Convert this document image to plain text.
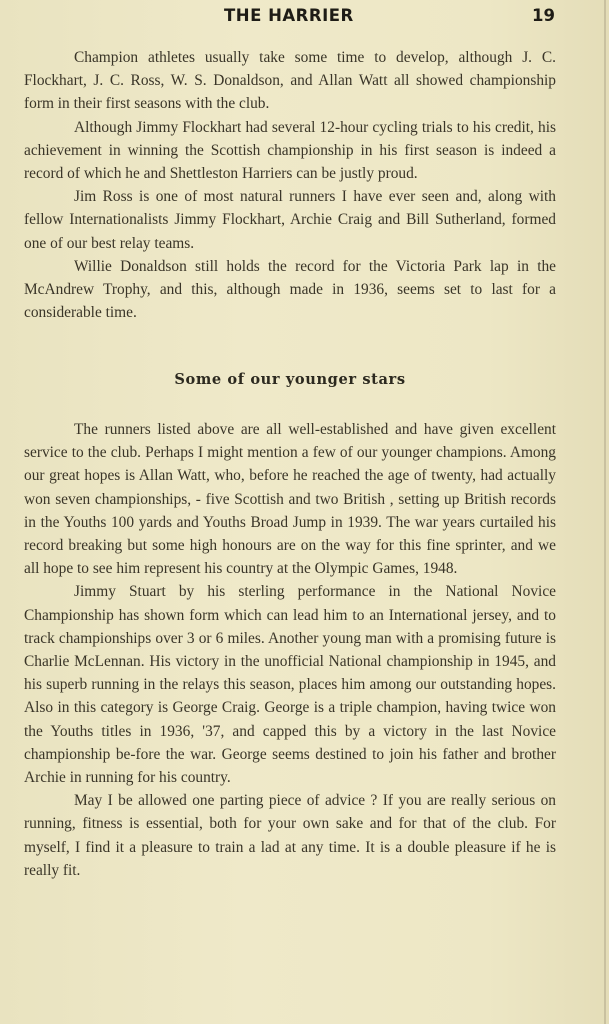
THE HARRIER	19

Champion athletes usually take some time to develop, although J. C. Flockhart, J. C. Ross, W. S. Donaldson, and Allan Watt all showed championship form in their first seasons with the club.

Although Jimmy Flockhart had several 12-hour cycling trials to his credit, his achievement in winning the Scottish championship in his first season is indeed a record of which he and Shettleston Harriers can be justly proud.

Jim Ross is one of most natural runners I have ever seen and, along with fellow Internationalists Jimmy Flockhart, Archie Craig and Bill Sutherland, formed one of our best relay teams.

Willie Donaldson still holds the record for the Victoria Park lap in the McAndrew Trophy, and this, although made in 1936, seems set to last for a considerable time.

Some of our younger stars

The runners listed above are all well-established and have given excellent service to the club. Perhaps I might mention a few of our younger champions. Among our great hopes is Allan Watt, who, before he reached the age of twenty, had actually won seven championships, - five Scottish and two British , setting up British records in the Youths 100 yards and Youths Broad Jump in 1939. The war years curtailed his record breaking but some high honours are on the way for this fine sprinter, and we all hope to see him represent his country at the Olympic Games, 1948.

Jimmy Stuart by his sterling performance in the National Novice Championship has shown form which can lead him to an International jersey, and to track championships over 3 or 6 miles. Another young man with a promising future is Charlie McLennan. His victory in the unofficial National championship in 1945, and his superb running in the relays this season, places him among our outstanding hopes. Also in this category is George Craig. George is a triple champion, having twice won the Youths titles in 1936, '37, and capped this by a victory in the last Novice championship be-fore the war. George seems destined to join his father and brother Archie in running for his country.

May I be allowed one parting piece of advice ? If you are really serious on running, fitness is essential, both for your own sake and for that of the club. For myself, I find it a pleasure to train a lad at any time. It is a double pleasure if he is really fit.
